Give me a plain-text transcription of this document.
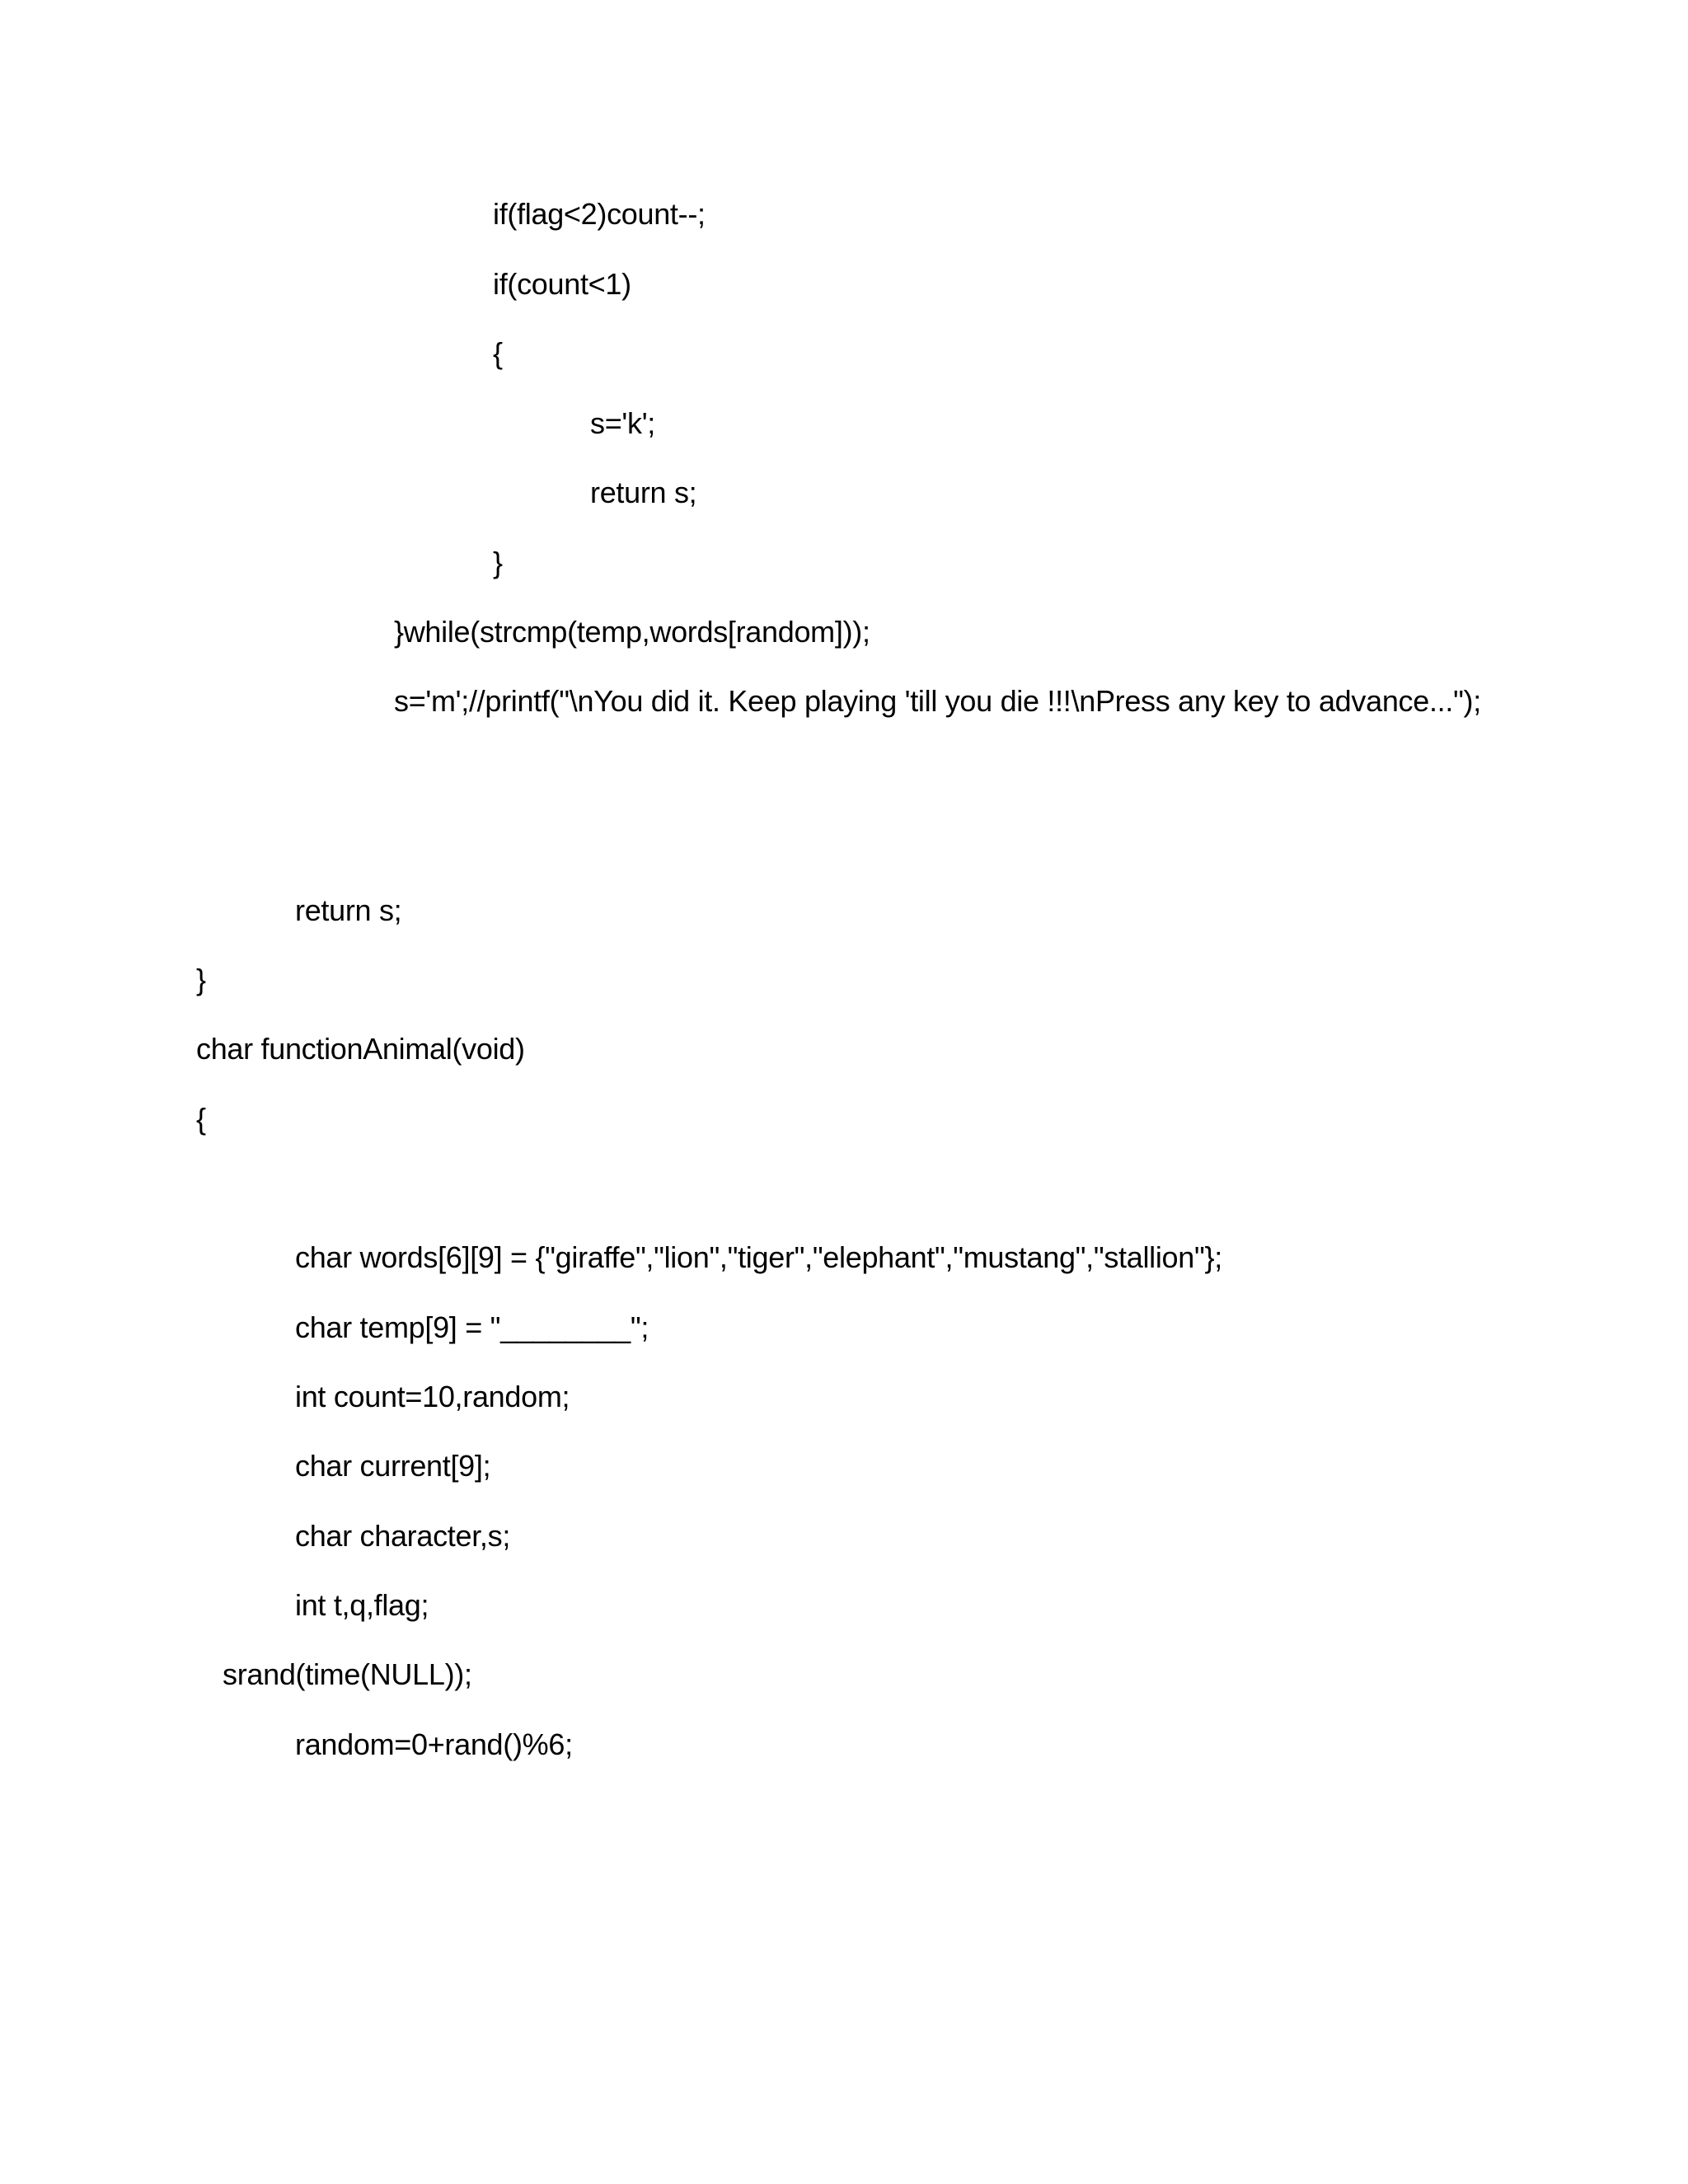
if(flag<2)count--;
if(count<1)
{
s='k';
return s;
}
}while(strcmp(temp,words[random]));
s='m';//printf("\nYou did it. Keep playing 'till you die !!!\nPress any key to advance...");
return s;
}
char functionAnimal(void)
{
char words[6][9] = {"giraffe","lion","tiger","elephant","mustang","stallion"};
char temp[9] = "________";
int count=10,random;
char current[9];
char character,s;
int t,q,flag;
srand(time(NULL));
random=0+rand()%6;
